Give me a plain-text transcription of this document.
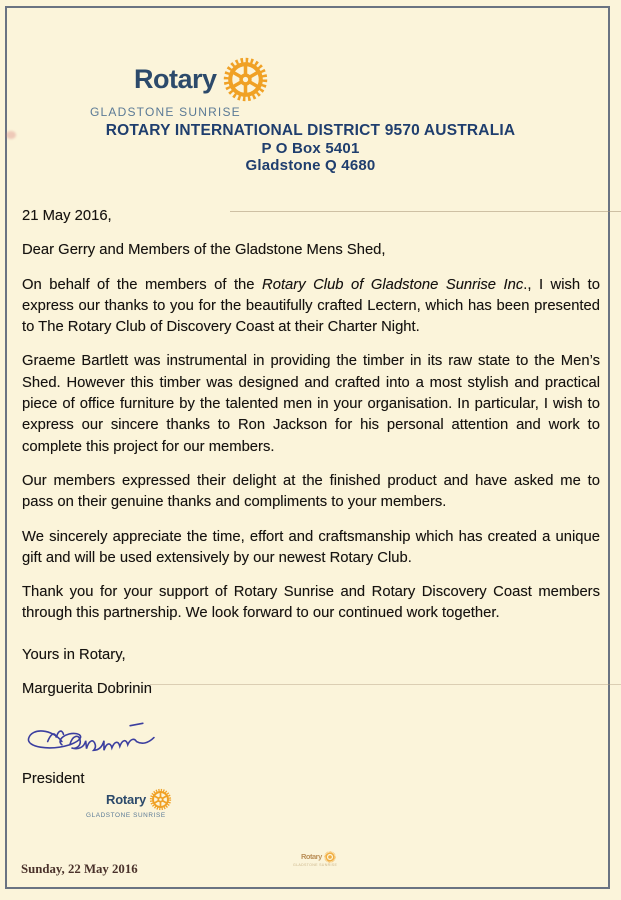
Rotary
GLADSTONE SUNRISE
ROTARY INTERNATIONAL DISTRICT 9570 AUSTRALIA
P O Box 5401
Gladstone Q 4680

21 May 2016,

Dear Gerry and Members of the Gladstone Mens Shed,

On behalf of the members of the Rotary Club of Gladstone Sunrise Inc., I wish to express our thanks to you for the beautifully crafted Lectern, which has been presented to The Rotary Club of Discovery Coast at their Charter Night.

Graeme Bartlett was instrumental in providing the timber in its raw state to the Men’s Shed. However this timber was designed and crafted into a most stylish and practical piece of office furniture by the talented men in your organisation. In particular, I wish to express our sincere thanks to Ron Jackson for his personal attention and work to complete this project for our members.

Our members expressed their delight at the finished product and have asked me to pass on their genuine thanks and compliments to your members.

We sincerely appreciate the time, effort and craftsmanship which has created a unique gift and will be used extensively by our newest Rotary Club.

Thank you for your support of Rotary Sunrise and Rotary Discovery Coast members through this partnership. We look forward to our continued work together.

Yours in Rotary,

Marguerita Dobrinin

President

Rotary
GLADSTONE SUNRISE
Rotary
GLADSTONE SUNRISE
Sunday, 22 May 2016
